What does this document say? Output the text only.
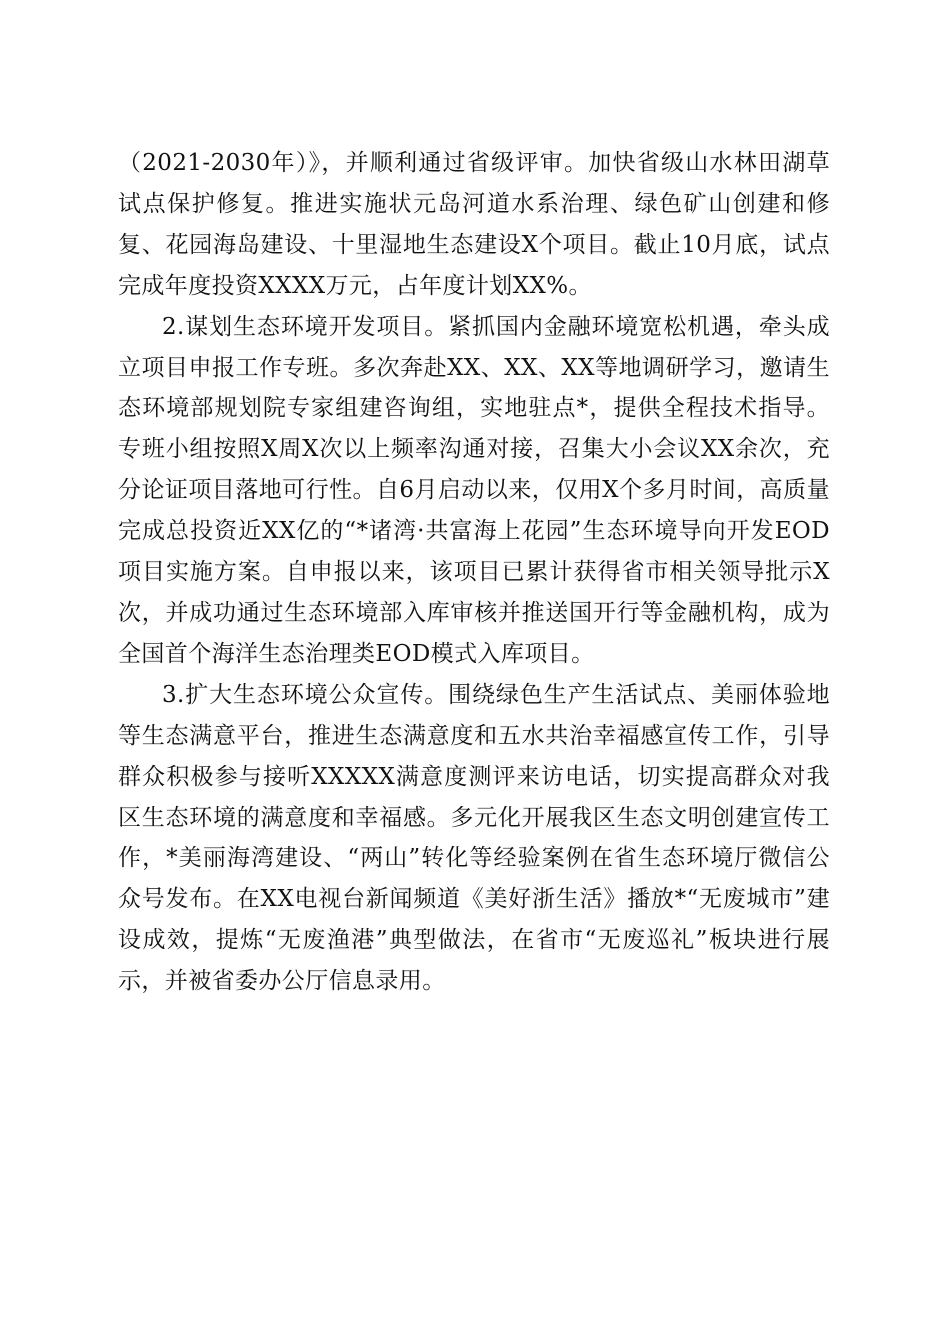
（2021-2030年）》，并顺利通过省级评审。加快省级山水林田湖草试点保护修复。推进实施状元岛河道水系治理、绿色矿山创建和修复、花园海岛建设、十里湿地生态建设X个项目。截止10月底，试点完成年度投资XXXX万元，占年度计划XX%。

2.谋划生态环境开发项目。紧抓国内金融环境宽松机遇，牵头成立项目申报工作专班。多次奔赴XX、XX、XX等地调研学习，邀请生态环境部规划院专家组建咨询组，实地驻点*，提供全程技术指导。专班小组按照X周X次以上频率沟通对接，召集大小会议XX余次，充分论证项目落地可行性。自6月启动以来，仅用X个多月时间，高质量完成总投资近XX亿的“*诸湾·共富海上花园”生态环境导向开发EOD项目实施方案。自申报以来，该项目已累计获得省市相关领导批示X次，并成功通过生态环境部入库审核并推送国开行等金融机构，成为全国首个海洋生态治理类EOD模式入库项目。

3.扩大生态环境公众宣传。围绕绿色生产生活试点、美丽体验地等生态满意平台，推进生态满意度和五水共治幸福感宣传工作，引导群众积极参与接听XXXXX满意度测评来访电话，切实提高群众对我区生态环境的满意度和幸福感。多元化开展我区生态文明创建宣传工作，*美丽海湾建设、“两山”转化等经验案例在省生态环境厅微信公众号发布。在XX电视台新闻频道《美好浙生活》播放*“无废城市”建设成效，提炼“无废渔港”典型做法，在省市“无废巡礼”板块进行展示，并被省委办公厅信息录用。
